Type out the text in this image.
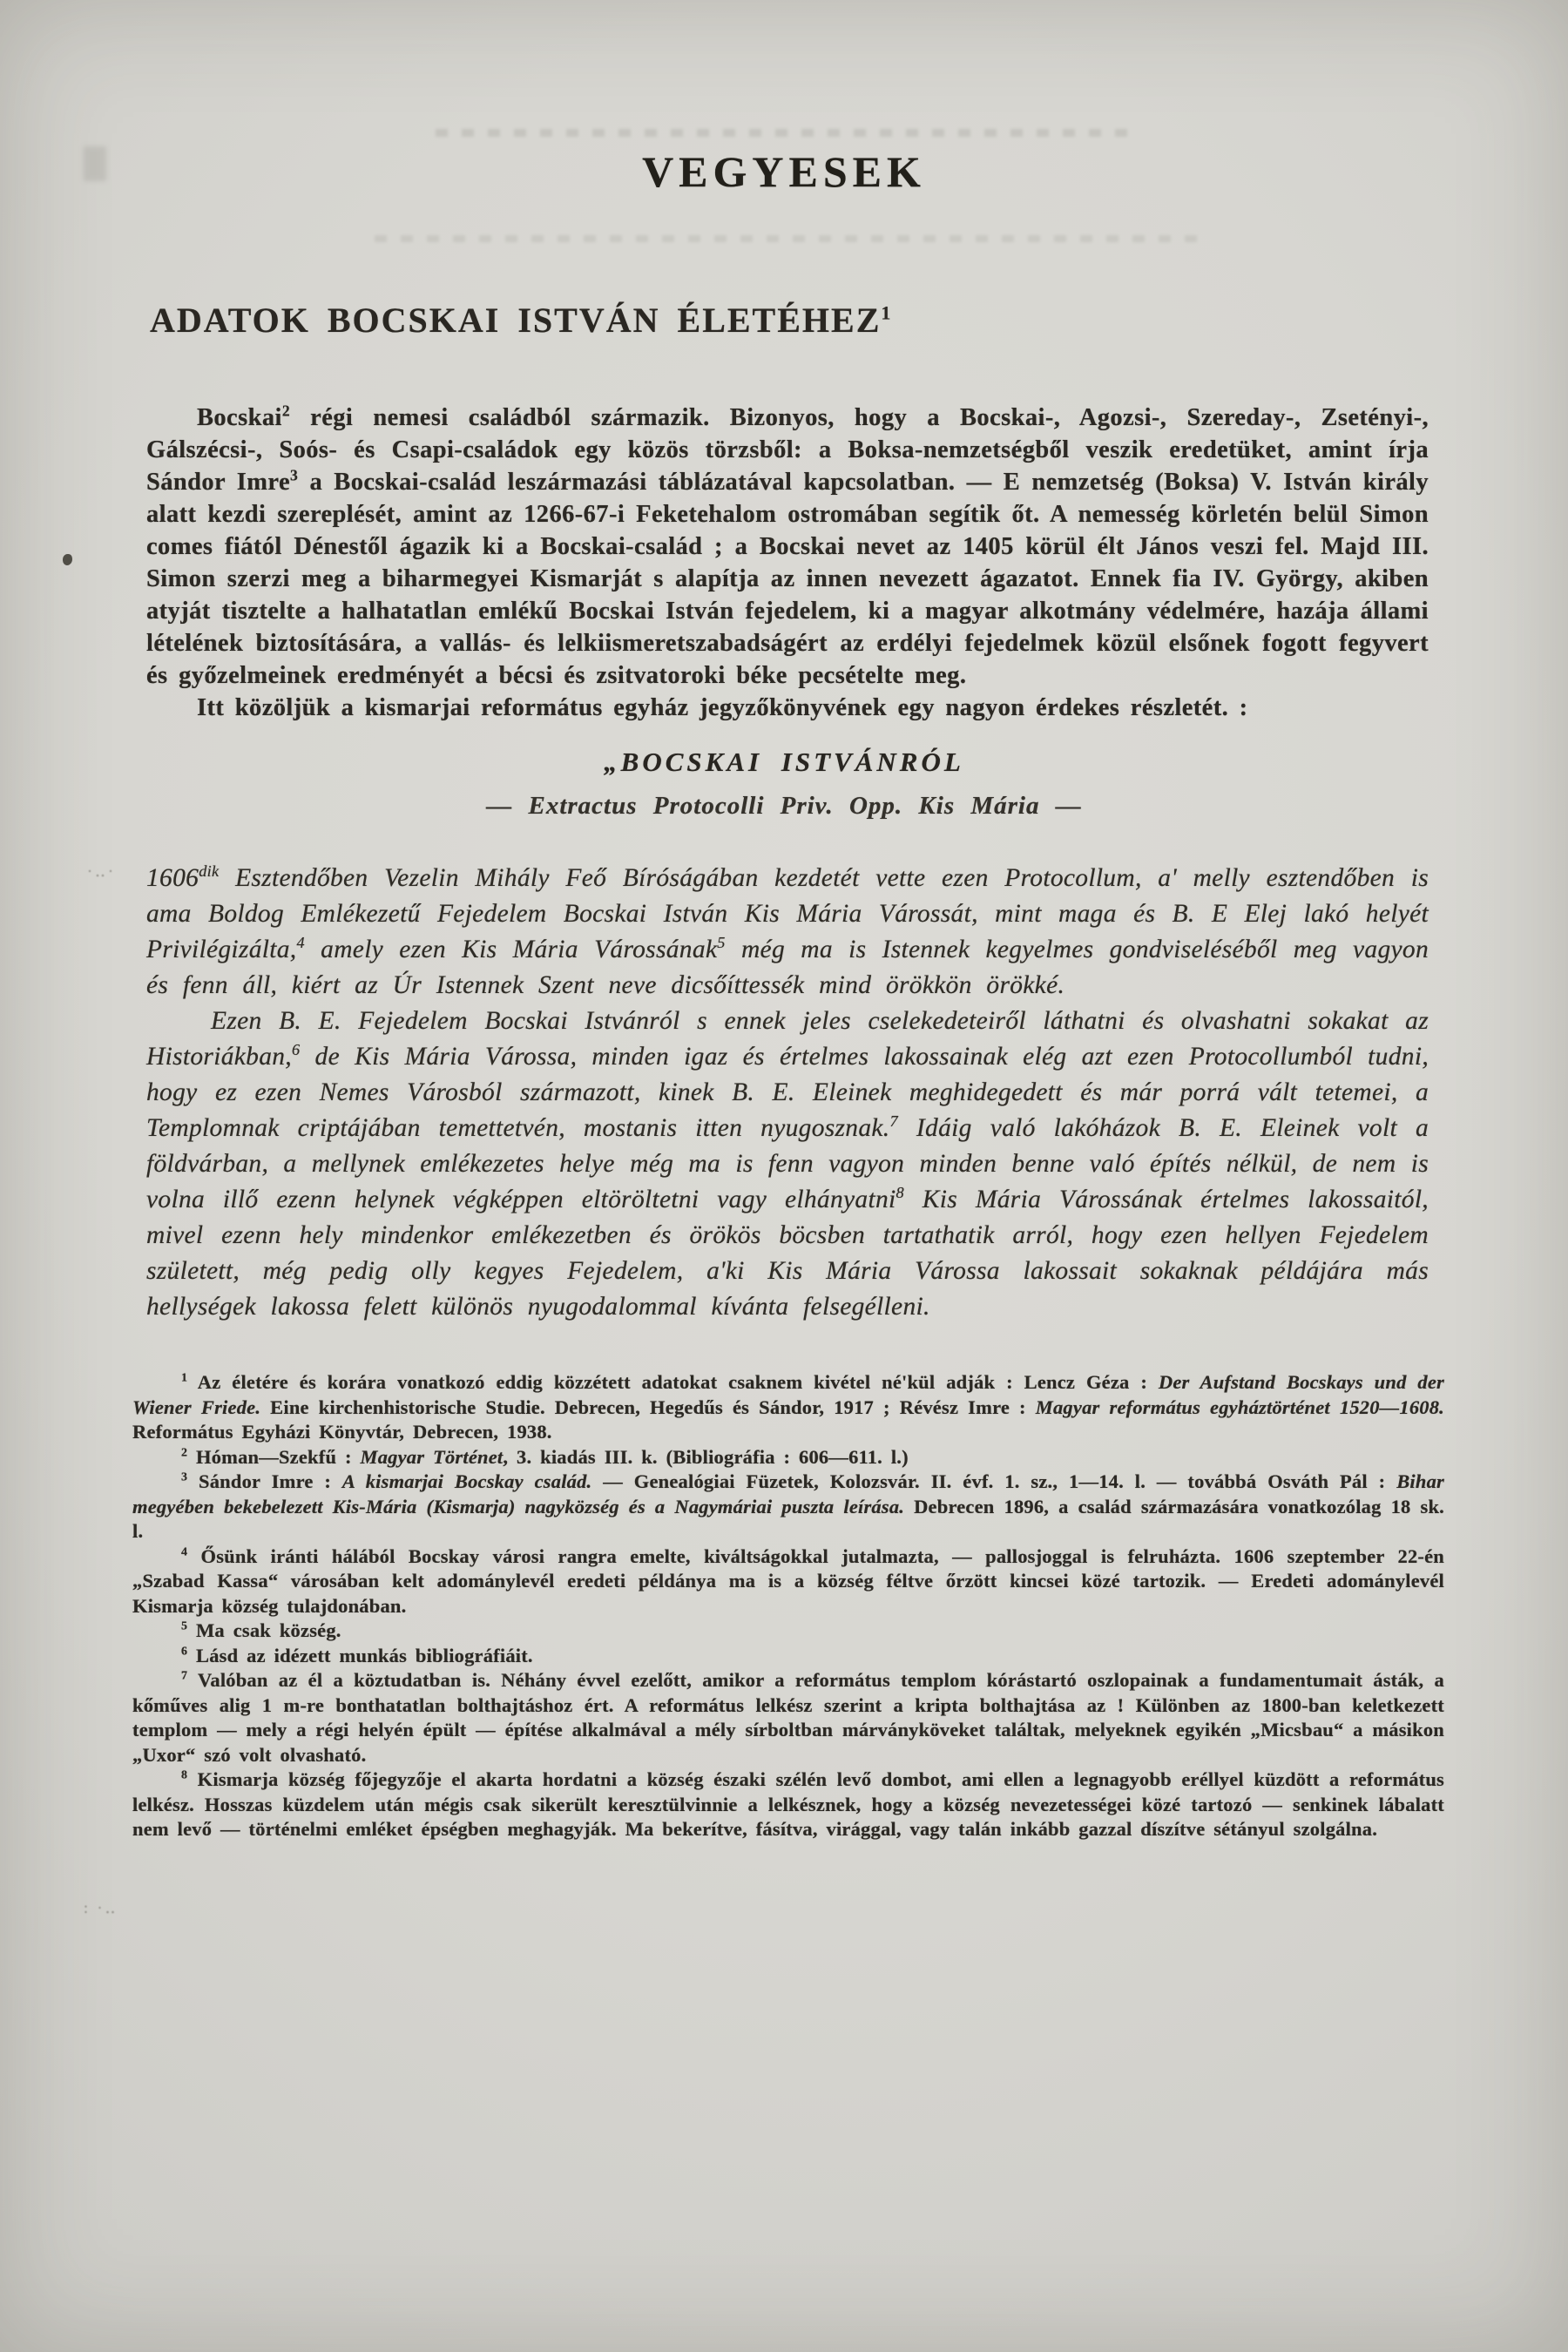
: ·‥
·‥·
VEGYESEK
ADATOK BOCSKAI ISTVÁN ÉLETÉHEZ$^1$

Bocskai$^2$ régi nemesi családból származik. Bizonyos, hogy a Bocskai-, Agozsi-, Szereday-, Zsetényi-, Gálszécsi-, Soós- és Csapi-családok egy közös törzsből: a Boksa-nemzetségből veszik eredetüket, amint írja Sándor Imre$^3$ a Bocskai-család leszármazási táblázatával kapcsolatban. — E nemzetség (Boksa) V. István király alatt kezdi szereplését, amint az 1266-67-i Feketehalom ostromában segítik őt. A nemesség körletén belül Simon comes fiától Dénestől ágazik ki a Bocskai-család ; a Bocskai nevet az 1405 körül élt János veszi fel. Majd III. Simon szerzi meg a biharmegyei Kismarját s alapítja az innen nevezett ágazatot. Ennek fia IV. György, akiben atyját tisztelte a halhatatlan emlékű Bocskai István fejedelem, ki a magyar alkotmány védelmére, hazája állami lételének biztosítására, a vallás- és lelkiismeretszabadságért az erdélyi fejedelmek közül elsőnek fogott fegyvert és győzelmeinek eredményét a bécsi és zsitvatoroki béke pecsételte meg.

Itt közöljük a kismarjai református egyház jegyzőkönyvének egy nagyon érdekes részletét. :

„BOCSKAI ISTVÁNRÓL
— Extractus Protocolli Priv. Opp. Kis Mária —

$1606^{dik}$ Esztendőben Vezelin Mihály Feő Bíróságában kezdetét vette ezen Protocollum, a' melly esztendőben is ama Boldog Emlékezetű Fejedelem Bocskai István Kis Mária Várossát, mint maga és B. E Elej lakó helyét Privilégizálta,$^4$ amely ezen Kis Mária Várossának$^5$ még ma is Istennek kegyelmes gondviseléséből meg vagyon és fenn áll, kiért az Úr Istennek Szent neve dicsőíttessék mind örökkön örökké.

Ezen B. E. Fejedelem Bocskai Istvánról s ennek jeles cselekedeteiről láthatni és olvashatni sokakat az Historiákban,$^6$ de Kis Mária Várossa, minden igaz és értelmes lakossainak elég azt ezen Protocollumból tudni, hogy ez ezen Nemes Városból származott, kinek B. E. Eleinek meghidegedett és már porrá vált tetemei, a Templomnak criptájában temettetvén, mostanis itten nyugosznak.$^7$ Idáig való lakóházok B. E. Eleinek volt a földvárban, a mellynek emlékezetes helye még ma is fenn vagyon minden benne való építés nélkül, de nem is volna illő ezenn helynek végképpen eltöröltetni vagy elhányatni$^8$ Kis Mária Várossának értelmes lakossaitól, mivel ezenn hely mindenkor emlékezetben és örökös böcsben tartathatik arról, hogy ezen hellyen Fejedelem született, még pedig olly kegyes Fejedelem, a'ki Kis Mária Várossa lakossait sokaknak példájára más hellységek lakossa felett különös nyugodalommal kívánta felsegélleni.

$^1$ Az életére és korára vonatkozó eddig közzétett adatokat csaknem kivétel né'kül adják : Lencz Géza : Der Aufstand Bocskays und der Wiener Friede. Eine kirchenhistorische Studie. Debrecen, Hegedűs és Sándor, 1917 ; Révész Imre : Magyar református egyháztörténet 1520—1608. Református Egyházi Könyvtár, Debrecen, 1938.

$^2$ Hóman—Szekfű : Magyar Történet, 3. kiadás III. k. (Bibliográfia : 606—611. l.)

$^3$ Sándor Imre : A kismarjai Bocskay család. — Genealógiai Füzetek, Kolozsvár. II. évf. 1. sz., 1—14. l. — továbbá Osváth Pál : Bihar megyében bekebelezett Kis-Mária (Kismarja) nagyközség és a Nagymáriai puszta leírása. Debrecen 1896, a család származására vonatkozólag 18 sk. l.

$^4$ Ősünk iránti hálából Bocskay városi rangra emelte, kiváltságokkal jutalmazta, — pallosjoggal is felruházta. 1606 szeptember 22-én „Szabad Kassa“ városában kelt adománylevél eredeti példánya ma is a község féltve őrzött kincsei közé tartozik. — Eredeti adománylevél Kismarja község tulajdonában.

$^5$ Ma csak község.

$^6$ Lásd az idézett munkás bibliográfiáit.

$^7$ Valóban az él a köztudatban is. Néhány évvel ezelőtt, amikor a református templom kórástartó oszlopainak a fundamentumait ásták, a kőműves alig 1 m-re bonthatatlan bolthajtáshoz ért. A református lelkész szerint a kripta bolthajtása az ! Különben az 1800-ban keletkezett templom — mely a régi helyén épült — építése alkalmával a mély sírboltban márványköveket találtak, melyeknek egyikén „Micsbau“ a másikon „Uxor“ szó volt olvasható.

$^8$ Kismarja község főjegyzője el akarta hordatni a község északi szélén levő dombot, ami ellen a legnagyobb eréllyel küzdött a református lelkész. Hosszas küzdelem után mégis csak sikerült keresztülvinnie a lelkésznek, hogy a község nevezetességei közé tartozó — senkinek lábalatt nem levő — történelmi emléket épségben meghagyják. Ma bekerítve, fásítva, virággal, vagy talán inkább gazzal díszítve sétányul szolgálna.
